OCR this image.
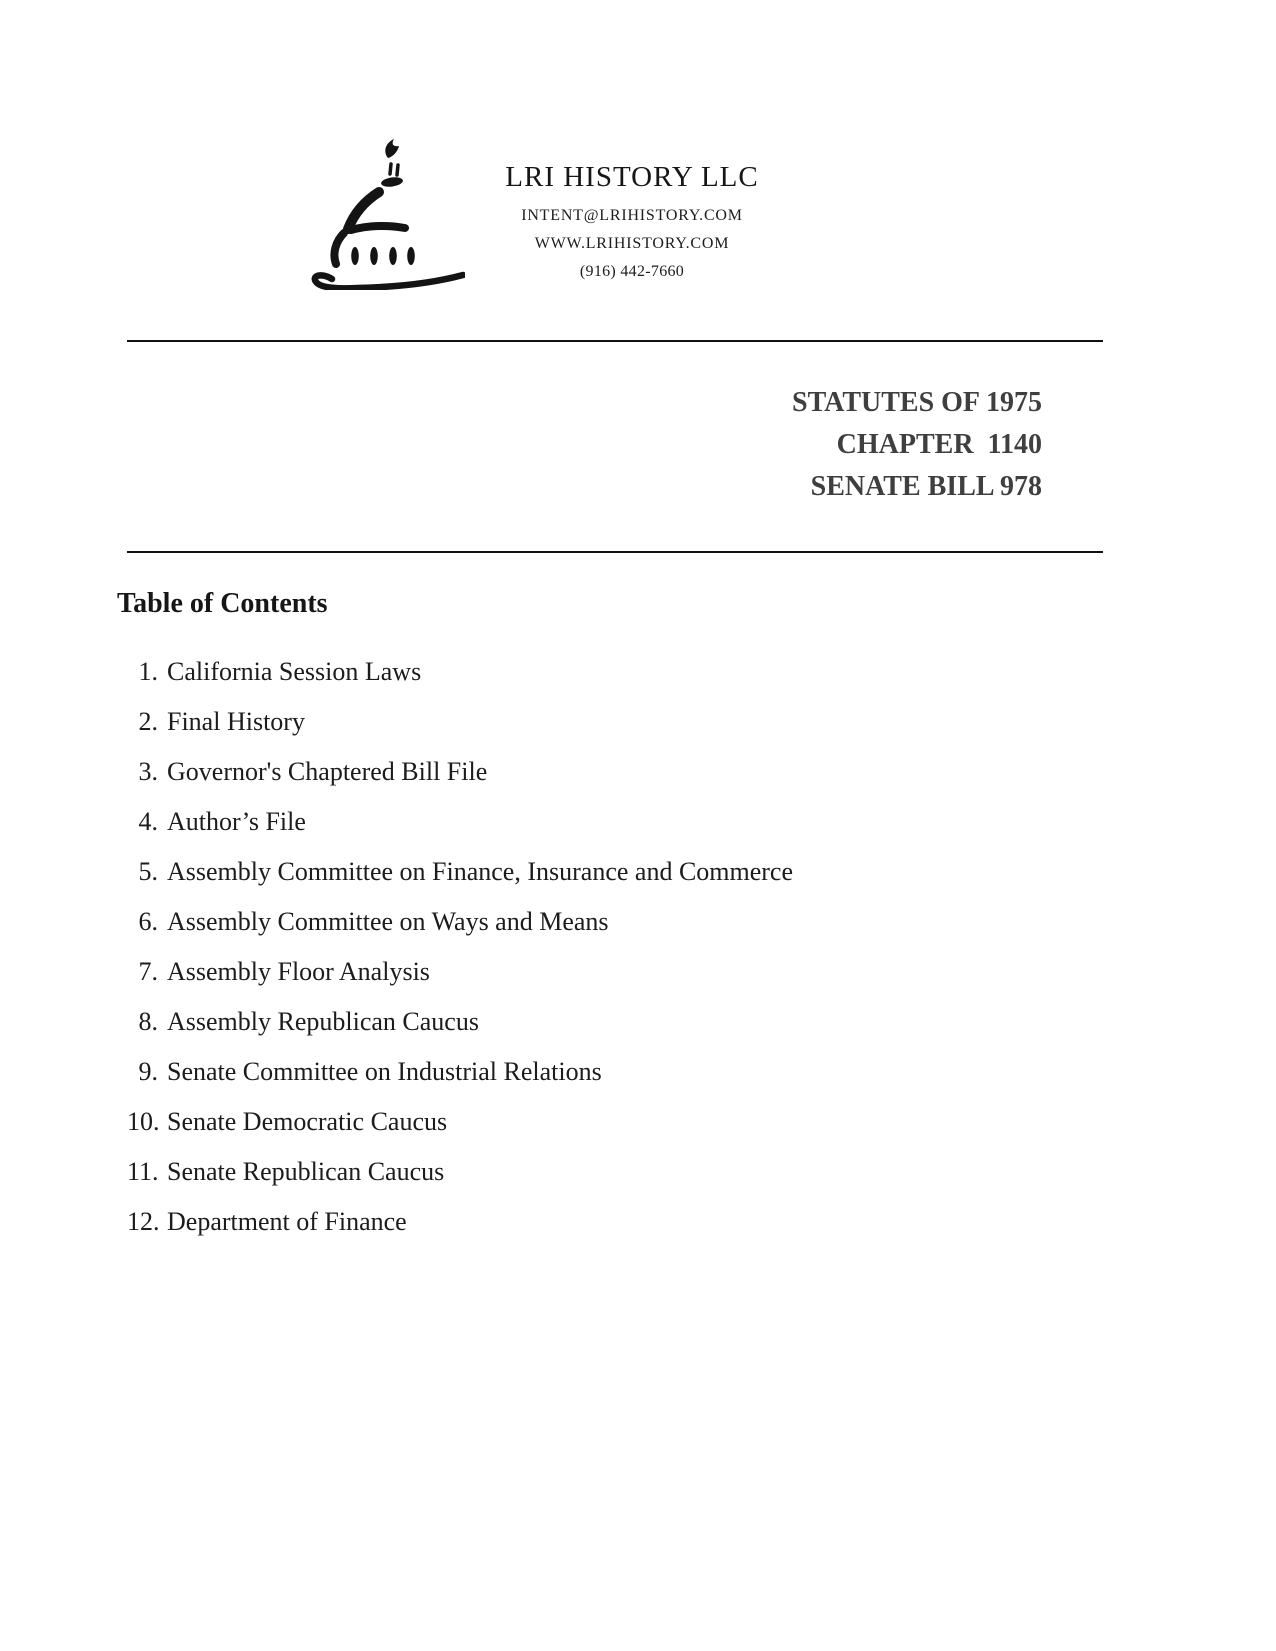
LRI HISTORY LLC
INTENT@LRIHISTORY.COM
WWW.LRIHISTORY.COM
(916) 442-7660
STATUTES OF 1975
CHAPTER  1140
SENATE BILL 978
Table of Contents
1. California Session Laws
2. Final History
3. Governor's Chaptered Bill File
4. Author’s File
5. Assembly Committee on Finance, Insurance and Commerce
6. Assembly Committee on Ways and Means
7. Assembly Floor Analysis
8. Assembly Republican Caucus
9. Senate Committee on Industrial Relations
10. Senate Democratic Caucus
11. Senate Republican Caucus
12. Department of Finance
